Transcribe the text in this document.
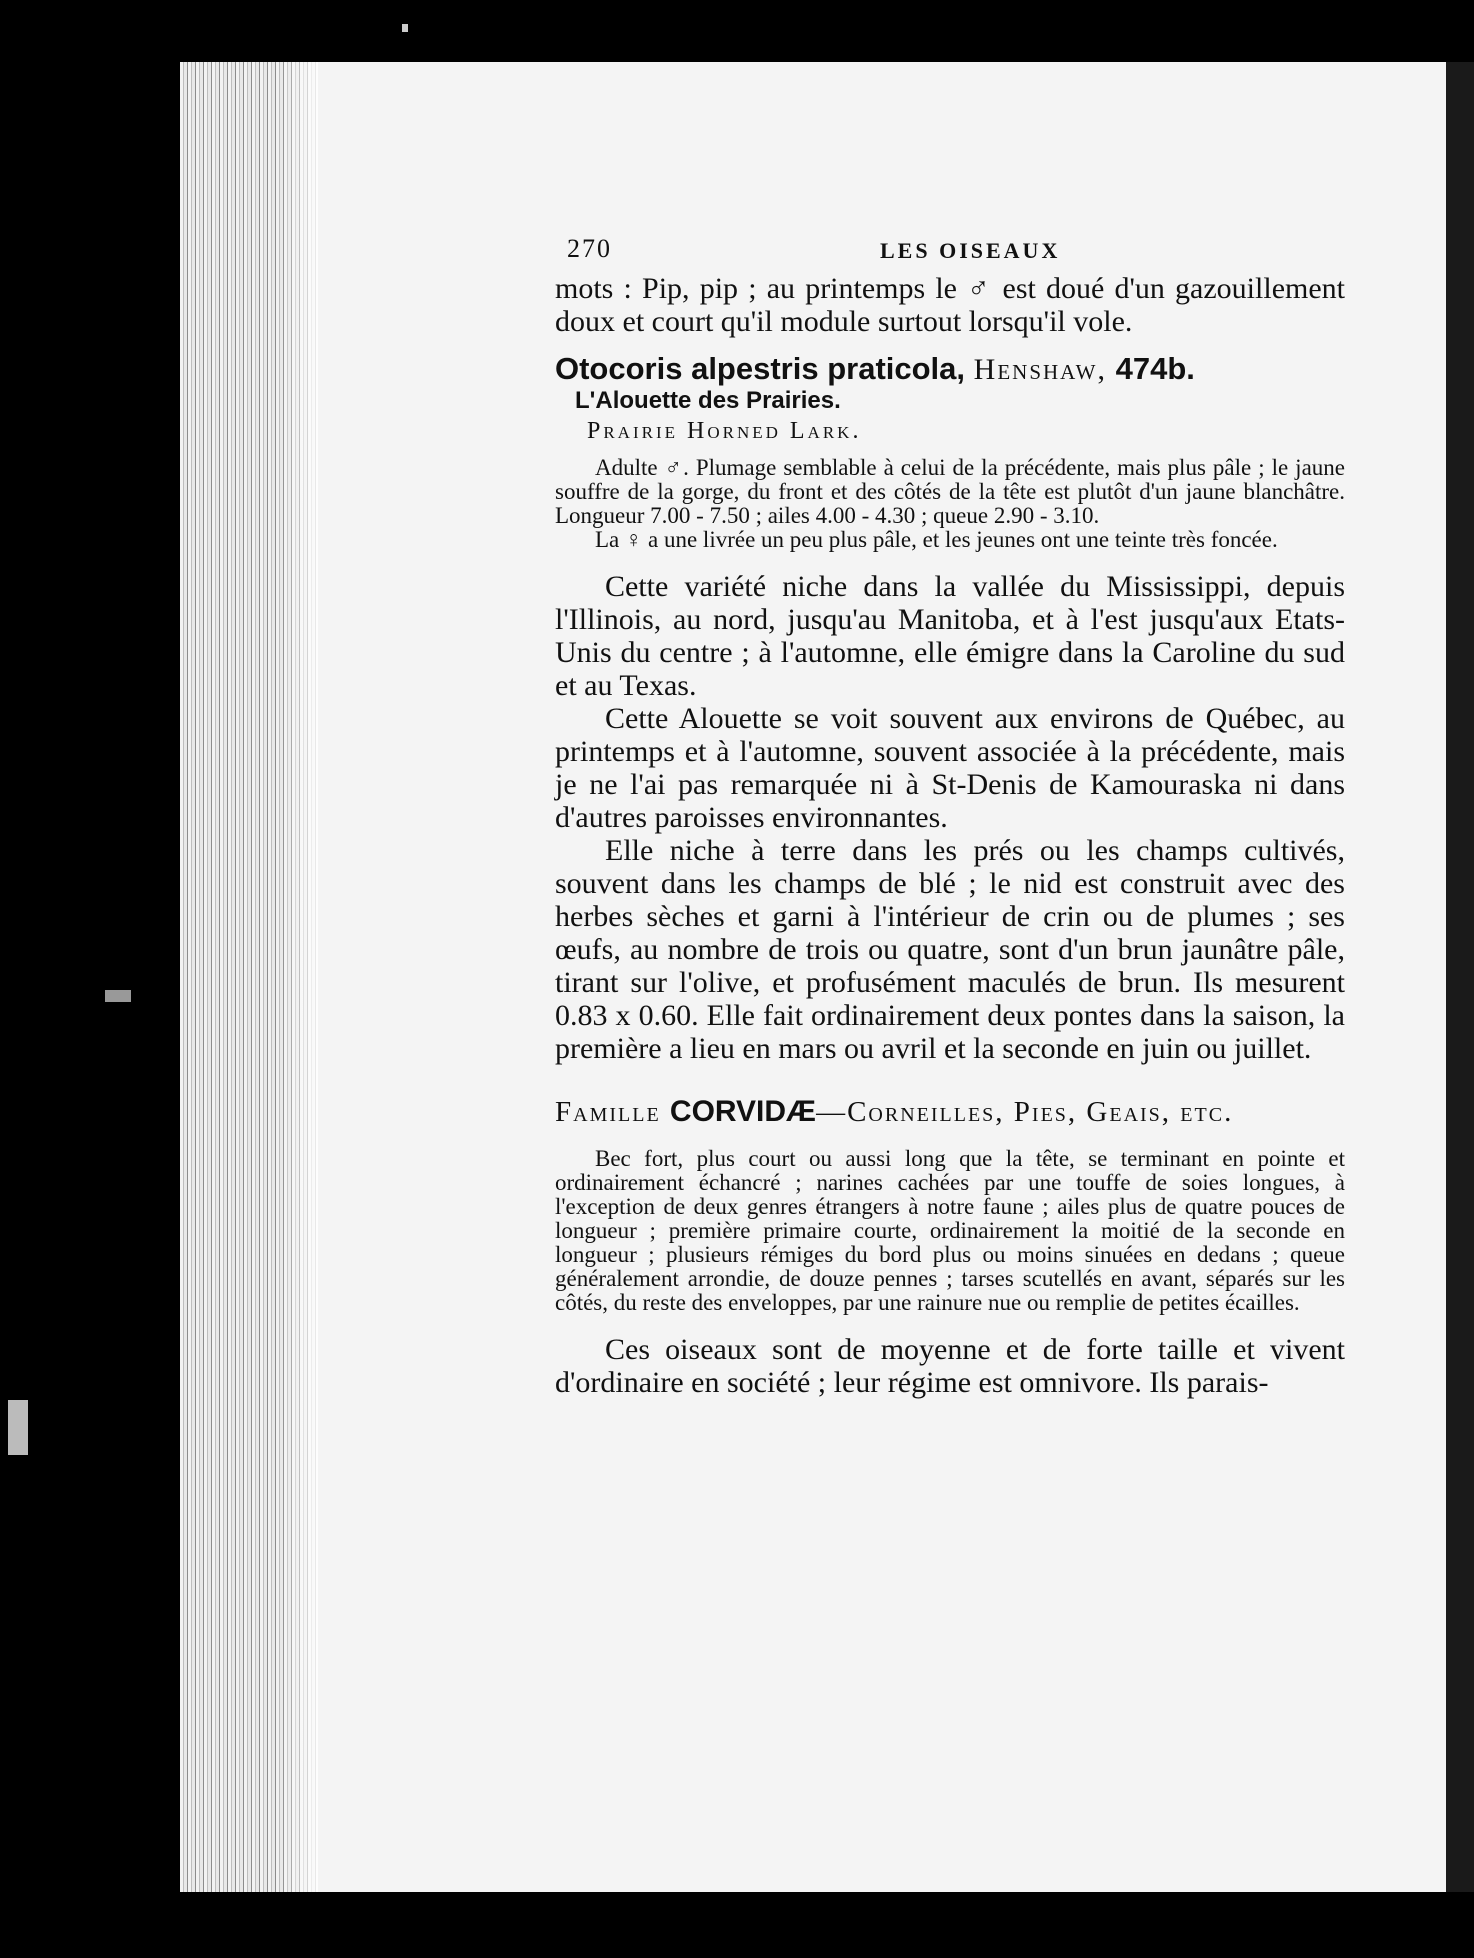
270	LES OISEAUX

mots : Pip, pip ; au printemps le ♂ est doué d'un gazouillement doux et court qu'il module surtout lorsqu'il vole.

Otocoris alpestris praticola, Henshaw, 474b.
L'Alouette des Prairies.
Prairie Horned Lark.

Adulte ♂. Plumage semblable à celui de la précédente, mais plus pâle ; le jaune souffre de la gorge, du front et des côtés de la tête est plutôt d'un jaune blanchâtre. Longueur 7.00 - 7.50 ; ailes 4.00 - 4.30 ; queue 2.90 - 3.10.

La ♀ a une livrée un peu plus pâle, et les jeunes ont une teinte très foncée.

Cette variété niche dans la vallée du Mississippi, depuis l'Illinois, au nord, jusqu'au Manitoba, et à l'est jusqu'aux Etats-Unis du centre ; à l'automne, elle émigre dans la Caroline du sud et au Texas.

Cette Alouette se voit souvent aux environs de Québec, au printemps et à l'automne, souvent associée à la précédente, mais je ne l'ai pas remarquée ni à St-Denis de Kamouraska ni dans d'autres paroisses environnantes.

Elle niche à terre dans les prés ou les champs cultivés, souvent dans les champs de blé ; le nid est construit avec des herbes sèches et garni à l'intérieur de crin ou de plumes ; ses œufs, au nombre de trois ou quatre, sont d'un brun jaunâtre pâle, tirant sur l'olive, et profusément maculés de brun. Ils mesurent 0.83 x 0.60. Elle fait ordinairement deux pontes dans la saison, la première a lieu en mars ou avril et la seconde en juin ou juillet.

Famille CORVIDÆ—Corneilles, Pies, Geais, etc.

Bec fort, plus court ou aussi long que la tête, se terminant en pointe et ordinairement échancré ; narines cachées par une touffe de soies longues, à l'exception de deux genres étrangers à notre faune ; ailes plus de quatre pouces de longueur ; première primaire courte, ordinairement la moitié de la seconde en longueur ; plusieurs rémiges du bord plus ou moins sinuées en dedans ; queue généralement arrondie, de douze pennes ; tarses scutellés en avant, séparés sur les côtés, du reste des enveloppes, par une rainure nue ou remplie de petites écailles.

Ces oiseaux sont de moyenne et de forte taille et vivent d'ordinaire en société ; leur régime est omnivore. Ils parais-
